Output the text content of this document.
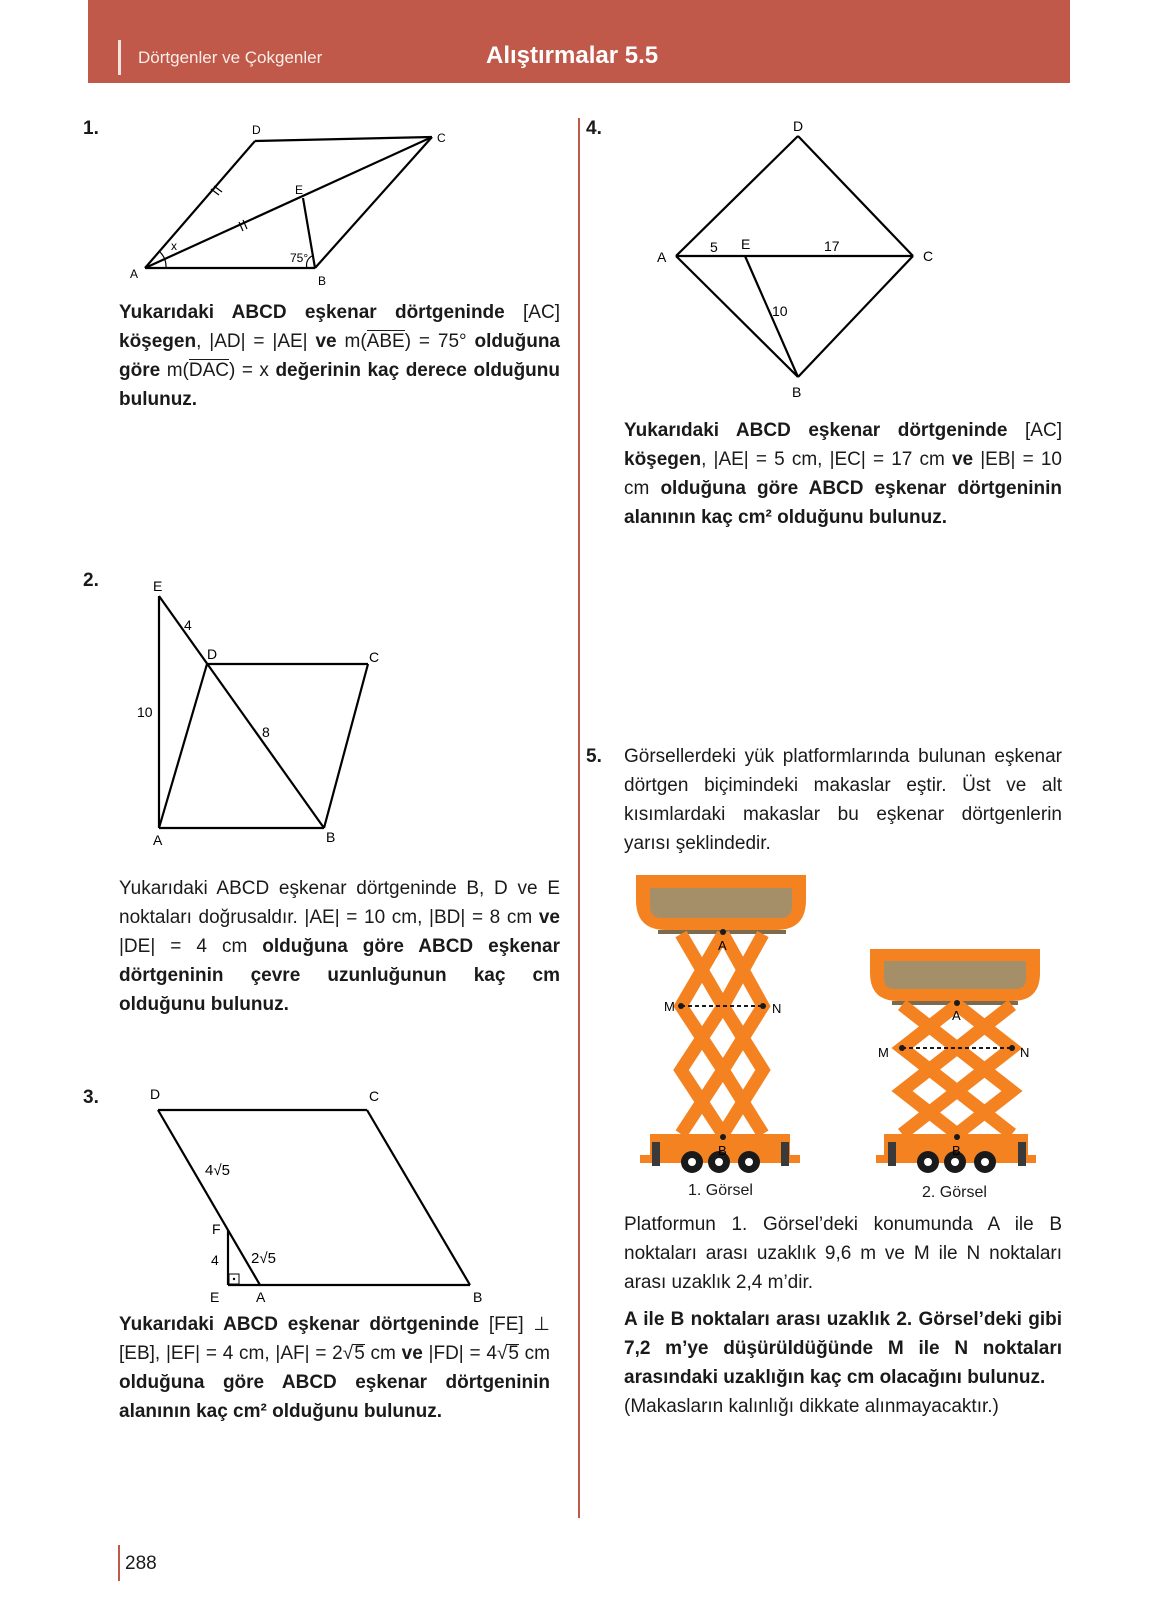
Dörtgenler ve Çokgenler	Alıştırmalar 5.5
1.
A	B
C
D
E
x
75°
Yukarıdaki ABCD eşkenar dörtgeninde [AC] köşegen, |AD| = |AE| ve m(ABE) = 75° olduğuna göre m(DAC) = x değerinin kaç derece olduğunu bulunuz.
2.	E
D	C
A	B
4
10
8
Yukarıdaki ABCD eşkenar dörtgeninde B, D ve E noktaları doğrusaldır. |AE| = 10 cm, |BD| = 8 cm ve |DE| = 4 cm olduğuna göre ABCD eşkenar dörtgeninin çevre uzunluğunun kaç cm olduğunu bulunuz.
3.	D	C
B
A
E
F
4 2√5
4√5
Yukarıdaki ABCD eşkenar dörtgeninde [FE] ⊥ [EB], |EF| = 4 cm, |AF| = 2√5 cm ve |FD| = 4√5 cm olduğuna göre ABCD eşkenar dörtgeninin alanının kaç cm² olduğunu bulunuz.
4.	D
A	C
B
E
5	17
10
Yukarıdaki ABCD eşkenar dörtgeninde [AC] köşegen, |AE| = 5 cm, |EC| = 17 cm ve |EB| = 10 cm olduğuna göre ABCD eşkenar dörtgeninin alanının kaç cm² olduğunu bulunuz.
5. Görsellerdeki yük platformlarında bulunan eşkenar dörtgen biçimindeki makaslar eştir. Üst ve alt kısımlardaki makaslar bu eşkenar dörtgenlerin yarısı şeklindedir.
A
B
M	N	A
B
M	N
1. Görsel	2. Görsel
Platformun 1. Görsel’deki konumunda A ile B noktaları arası uzaklık 9,6 m ve M ile N noktaları arası uzaklık 2,4 m’dir.
A ile B noktaları arası uzaklık 2. Görsel’deki gibi 7,2 m’ye düşürüldüğünde M ile N noktaları arasındaki uzaklığın kaç cm olacağını bulunuz.
(Makasların kalınlığı dikkate alınmayacaktır.)
288
